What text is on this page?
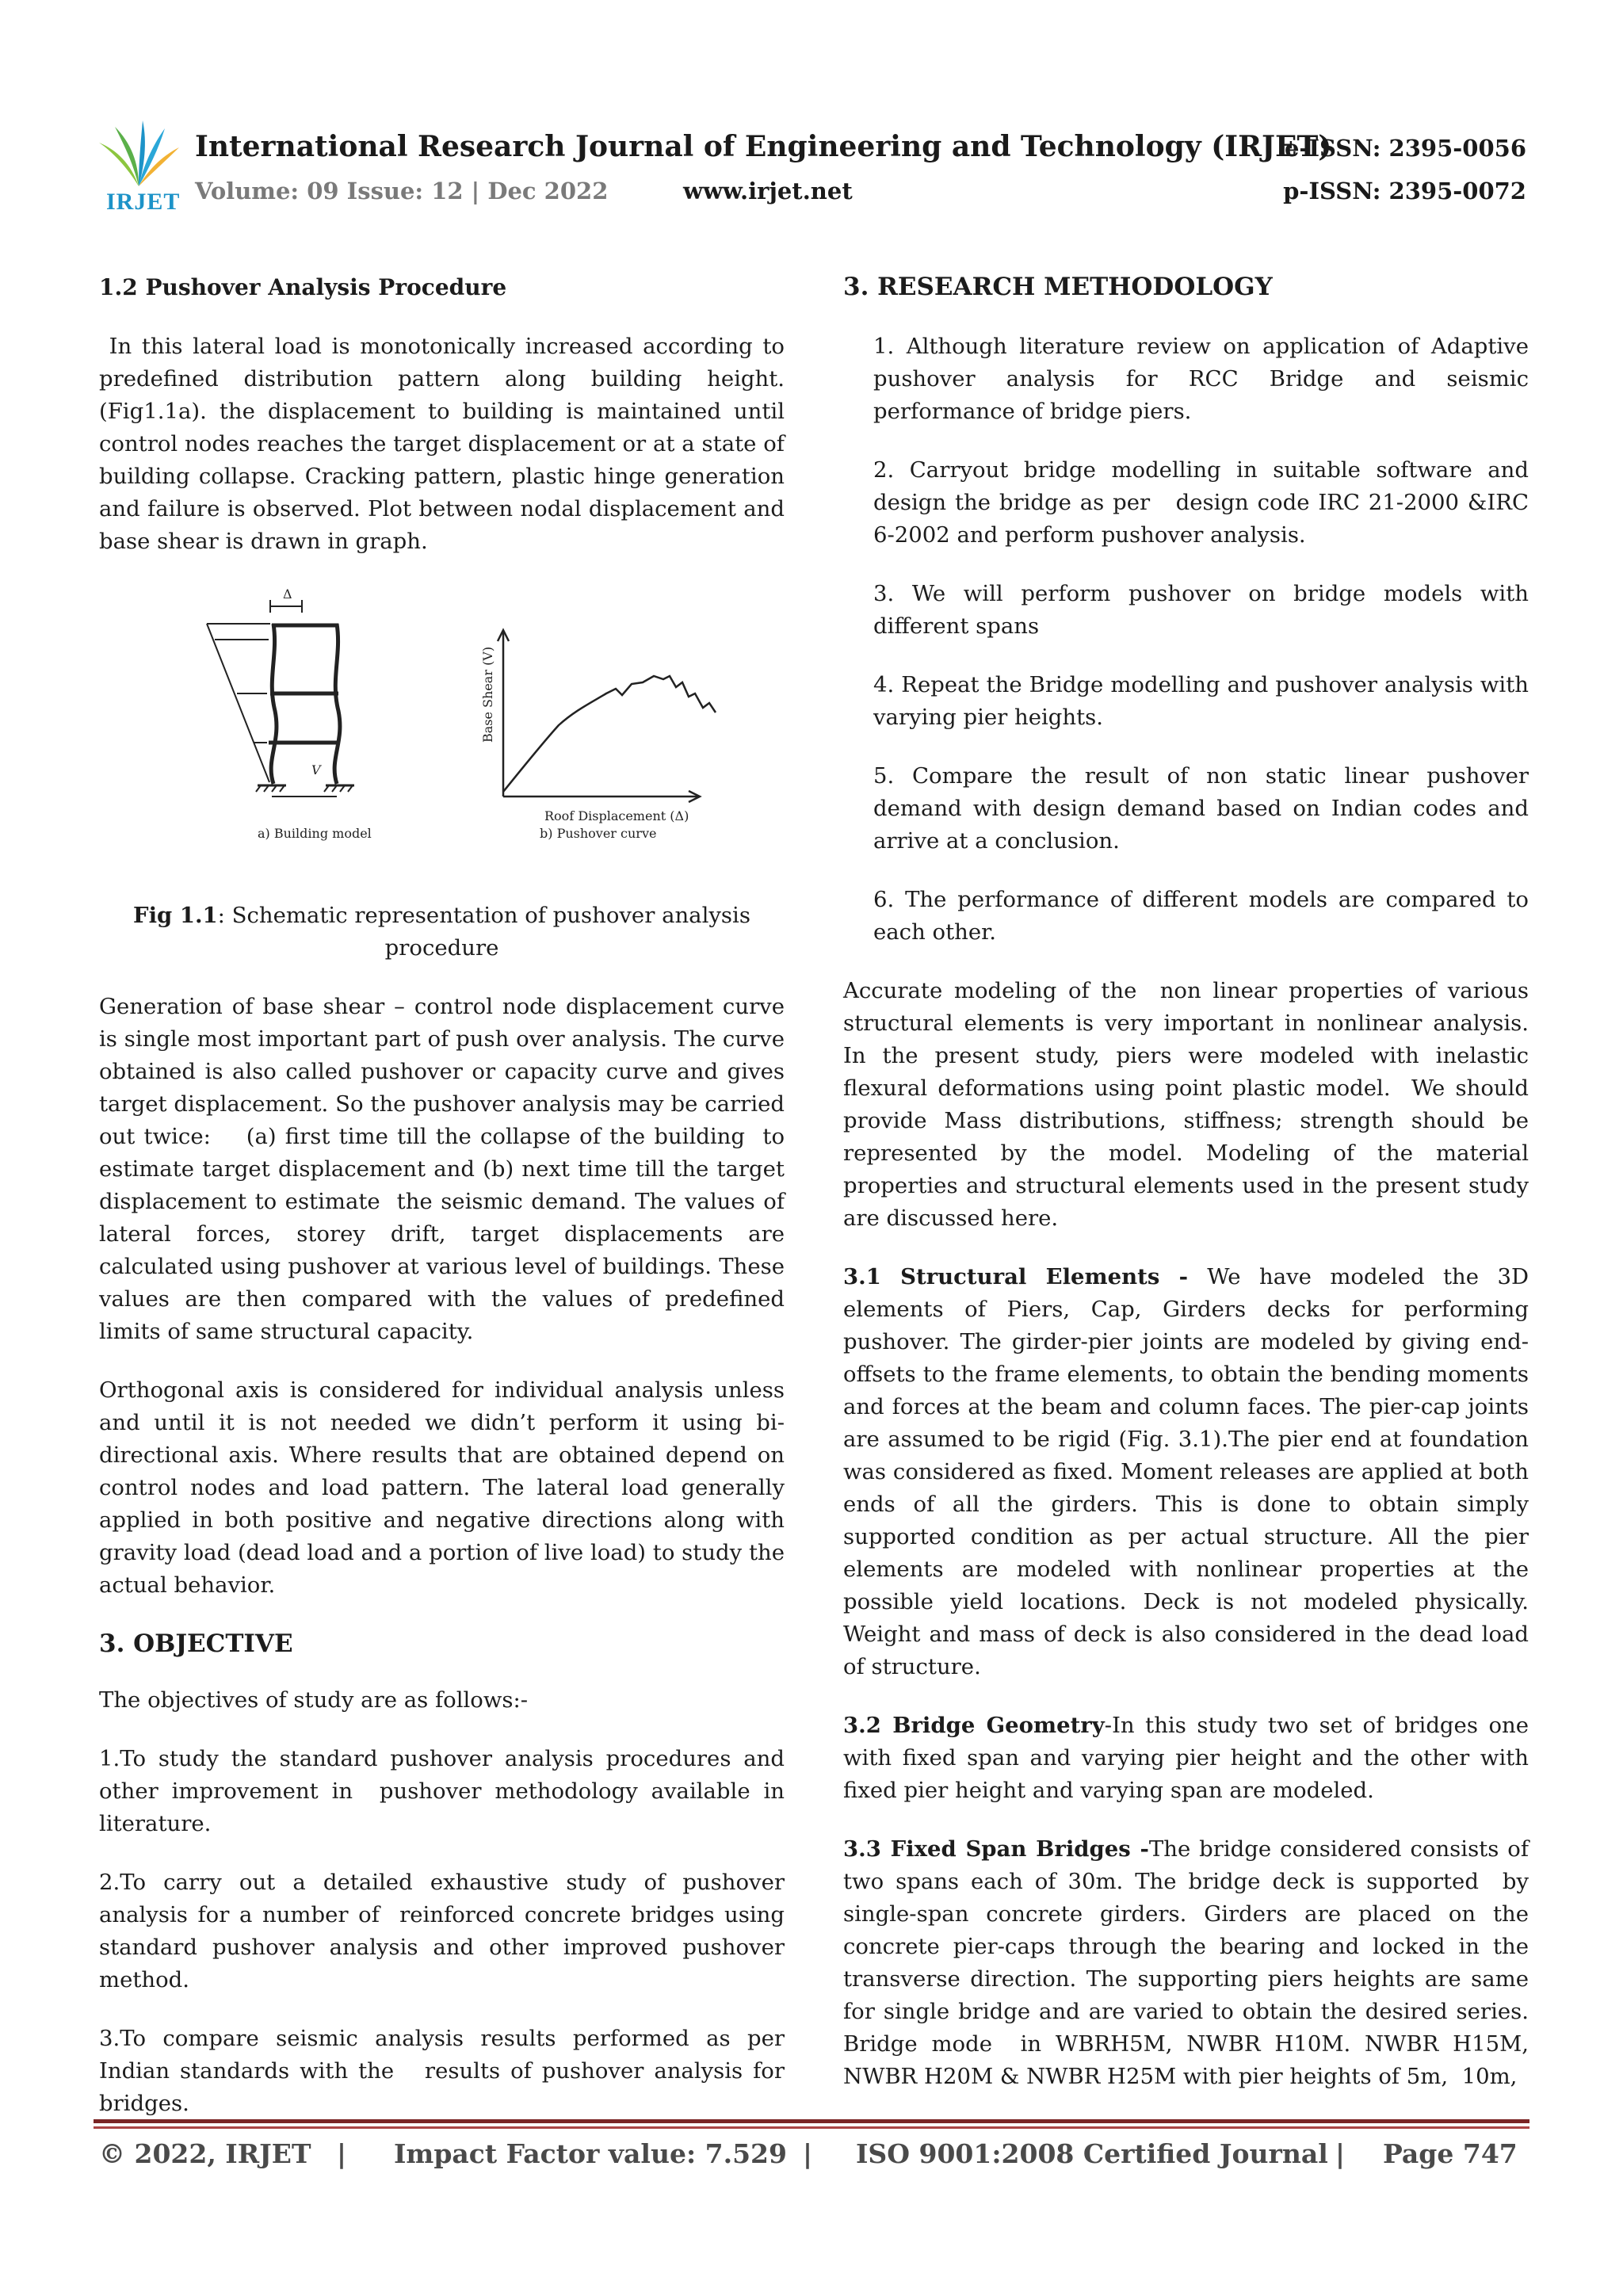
IRJET
International Research Journal of Engineering and Technology (IRJET)
Volume: 09 Issue: 12 | Dec 2022	www.irjet.net
e-ISSN: 2395-0056
p-ISSN: 2395-0072
1.2 Pushover Analysis Procedure

In this lateral load is monotonically increased according to predefined distribution pattern along building height. (Fig1.1a). the displacement to building is maintained until control nodes reaches the target displacement or at a state of building collapse. Cracking pattern, plastic hinge generation and failure is observed. Plot between nodal displacement and base shear is drawn in graph.

Δ
V
a) Building model
Base Shear (V)
Roof Displacement (Δ)
b) Pushover curve
Fig 1.1: Schematic representation of pushover analysis procedure

Generation of base shear – control node displacement curve is single most important part of push over analysis. The curve obtained is also called pushover or capacity curve and gives target displacement. So the pushover analysis may be carried out twice:    (a) first time till the collapse of the building  to estimate target displacement and (b) next time till the target displacement to estimate  the seismic demand. The values of lateral forces, storey drift, target displacements are calculated using pushover at various level of buildings. These values are then compared with the values of predefined limits of same structural capacity.

Orthogonal axis is considered for individual analysis unless and until it is not needed we didn’t perform it using bi-directional axis. Where results that are obtained depend on control nodes and load pattern. The lateral load generally applied in both positive and negative directions along with gravity load (dead load and a portion of live load) to study the actual behavior.

3. OBJECTIVE

The objectives of study are as follows:-

1.To study the standard pushover analysis procedures and other improvement in  pushover methodology available in literature.

2.To carry out a detailed exhaustive study of pushover analysis for a number of  reinforced concrete bridges using standard pushover analysis and other improved pushover method.

3.To compare seismic analysis results performed as per Indian standards with the   results of pushover analysis for bridges.

3. RESEARCH METHODOLOGY

1. Although literature review on application of Adaptive pushover analysis for RCC Bridge and seismic performance of bridge piers.

2. Carryout bridge modelling in suitable software and design the bridge as per   design code IRC 21-2000 &IRC 6-2002 and perform pushover analysis.

3. We will perform pushover on bridge models with different spans

4. Repeat the Bridge modelling and pushover analysis with varying pier heights.

5. Compare the result of non static linear pushover demand with design demand based on Indian codes and arrive at a conclusion.

6. The performance of different models are compared to each other.

Accurate modeling of the  non linear properties of various structural elements is very important in nonlinear analysis. In the present study, piers were modeled with inelastic flexural deformations using point plastic model.  We should provide Mass distributions, stiffness; strength should be represented by the model. Modeling of the material properties and structural elements used in the present study are discussed here.

3.1 Structural Elements - We have modeled the 3D elements of Piers, Cap, Girders decks for performing pushover. The girder-pier joints are modeled by giving end-offsets to the frame elements, to obtain the bending moments and forces at the beam and column faces. The pier-cap joints are assumed to be rigid (Fig. 3.1).The pier end at foundation was considered as fixed. Moment releases are applied at both ends of all the girders. This is done to obtain simply supported condition as per actual structure. All the pier elements are modeled with nonlinear properties at the possible yield locations. Deck is not modeled physically. Weight and mass of deck is also considered in the dead load of structure.

3.2 Bridge Geometry-In this study two set of bridges one with fixed span and varying pier height and the other with fixed pier height and varying span are modeled.

3.3 Fixed Span Bridges -The bridge considered consists of two spans each of 30m. The bridge deck is supported  by single-span concrete girders. Girders are placed on the concrete pier-caps through the bearing and locked in the transverse direction. The supporting piers heights are same for single bridge and are varied to obtain the desired series. Bridge mode  in WBRH5M, NWBR H10M. NWBR H15M, NWBR H20M & NWBR H25M with pier heights of 5m,  10m,

© 2022, IRJET | Impact Factor value: 7.529 | ISO 9001:2008 Certified Journal | Page 747
